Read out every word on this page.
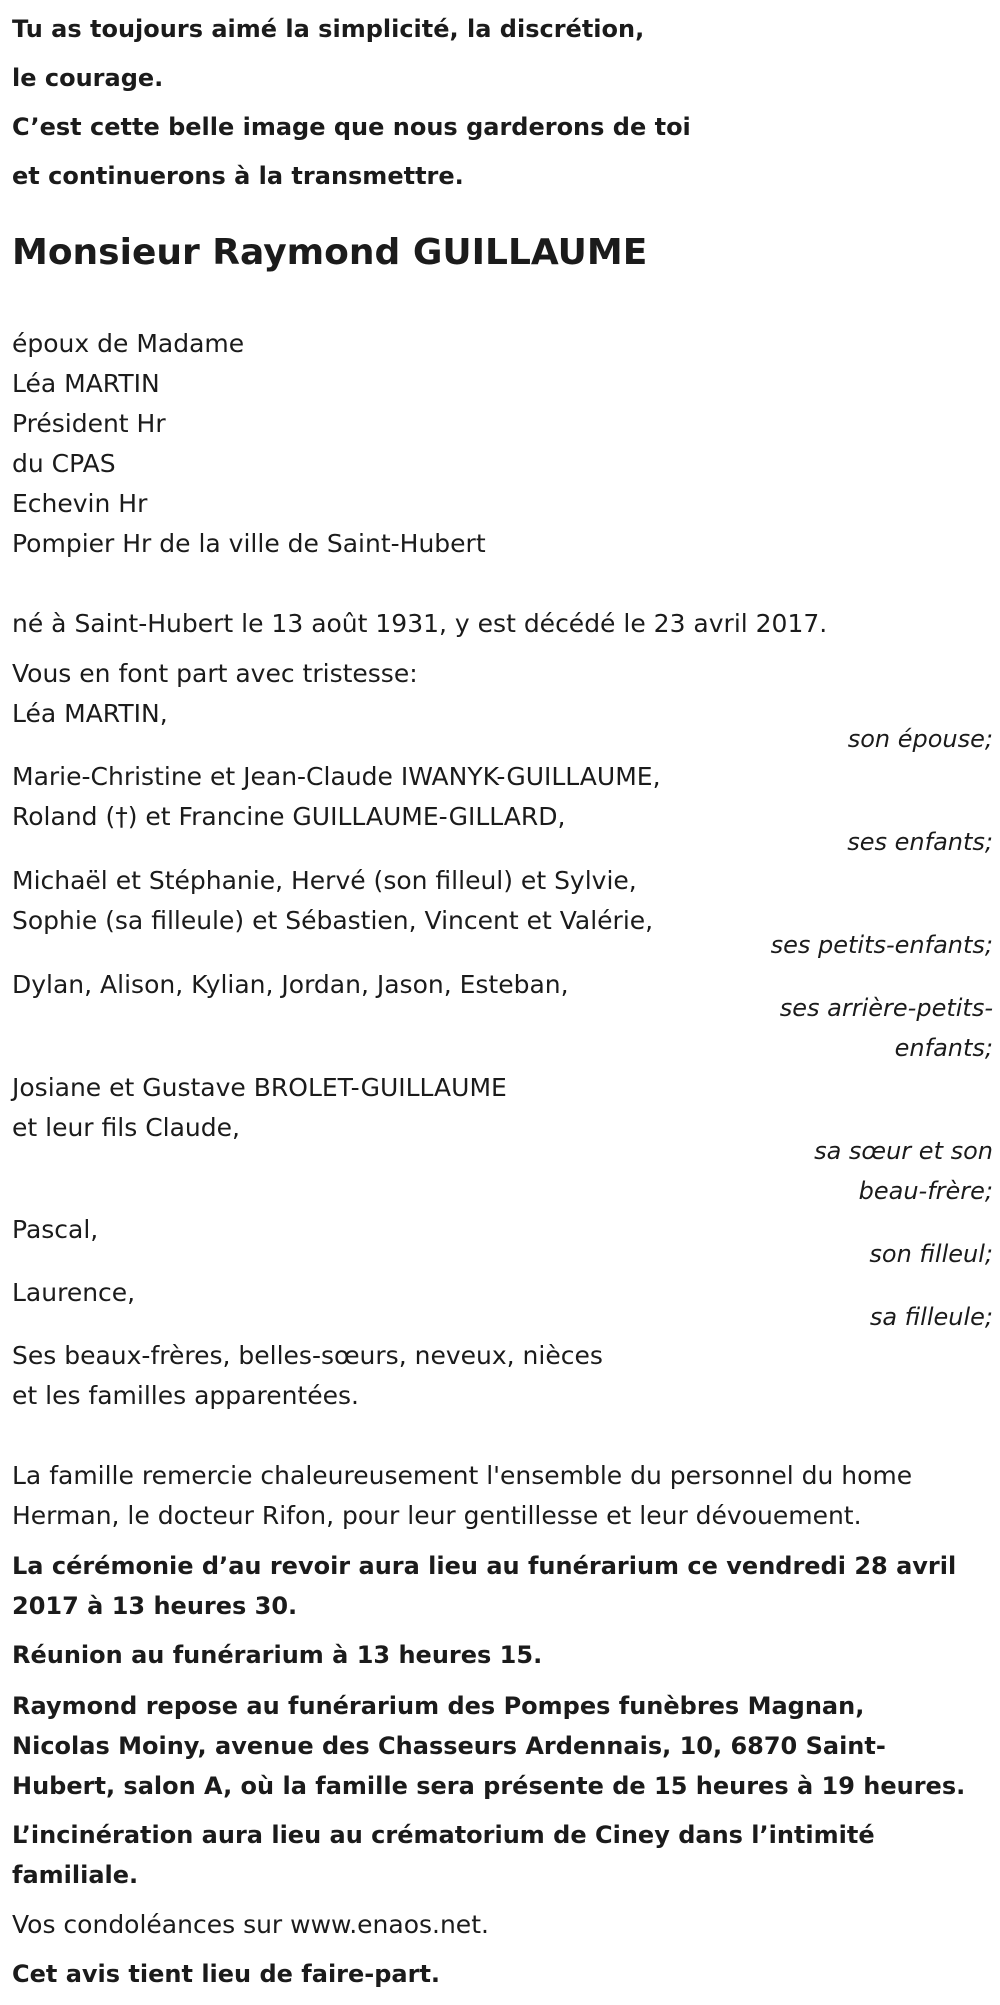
Tu as toujours aimé la simplicité, la discrétion,
le courage.
C’est cette belle image que nous garderons de toi
et continuerons à la transmettre.
Monsieur Raymond GUILLAUME
époux de Madame
Léa MARTIN
Président Hr
du CPAS
Echevin Hr
Pompier Hr de la ville de Saint-Hubert
né à Saint-Hubert le 13 août 1931, y est décédé le 23 avril 2017.
Vous en font part avec tristesse:
Léa MARTIN,
son épouse;
Marie-Christine et Jean-Claude IWANYK-GUILLAUME,
Roland (†) et Francine GUILLAUME-GILLARD,
ses enfants;
Michaël et Stéphanie, Hervé (son filleul) et Sylvie,
Sophie (sa filleule) et Sébastien, Vincent et Valérie,
ses petits-enfants;
Dylan, Alison, Kylian, Jordan, Jason, Esteban,
ses arrière-petits-
enfants;
Josiane et Gustave BROLET-GUILLAUME
et leur fils Claude,
sa sœur et son
beau-frère;
Pascal,
son filleul;
Laurence,
sa filleule;
Ses beaux-frères, belles-sœurs, neveux, nièces
et les familles apparentées.
La famille remercie chaleureusement l'ensemble du personnel du home
Herman, le docteur Rifon, pour leur gentillesse et leur dévouement.
La cérémonie d’au revoir aura lieu au funérarium ce vendredi 28 avril
2017 à 13 heures 30.
Réunion au funérarium à 13 heures 15.
Raymond repose au funérarium des Pompes funèbres Magnan,
Nicolas Moiny, avenue des Chasseurs Ardennais, 10, 6870 Saint-
Hubert, salon A, où la famille sera présente de 15 heures à 19 heures.
L’incinération aura lieu au crématorium de Ciney dans l’intimité
familiale.
Vos condoléances sur www.enaos.net.
Cet avis tient lieu de faire-part.
